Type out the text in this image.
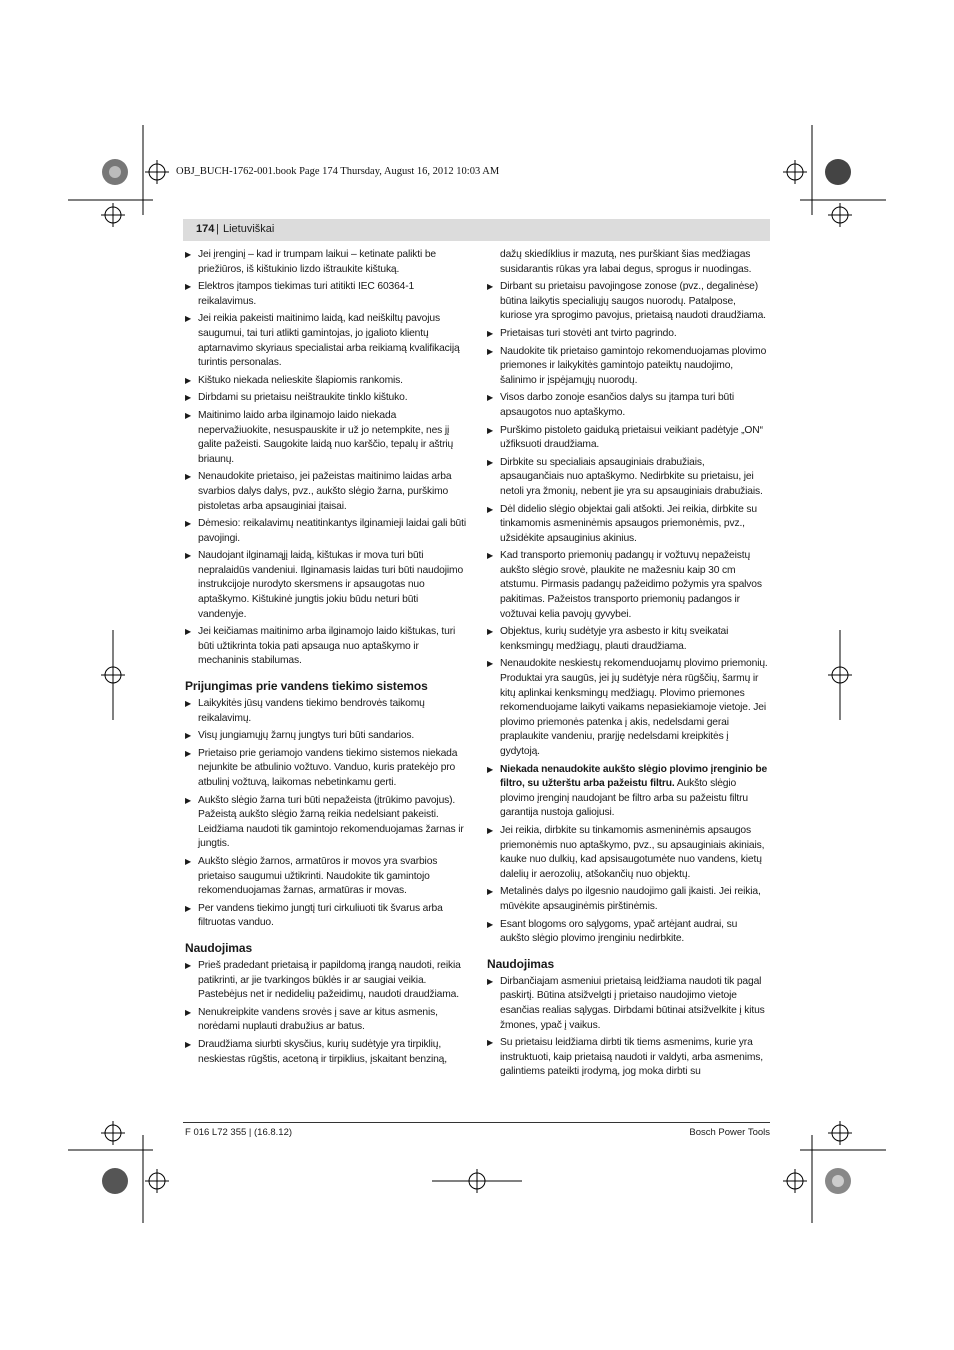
OBJ_BUCH-1762-001.book Page 174 Thursday, August 16, 2012 10:03 AM
174 | Lietuviškai
▶ Jei įrenginį – kad ir trumpam laikui – ketinate palikti be priežiūros, iš kištukinio lizdo ištraukite kištuką.
▶ Elektros įtampos tiekimas turi atitikti IEC 60364-1 reikalavimus.
▶ Jei reikia pakeisti maitinimo laidą, kad neiškiltų pavojus saugumui, tai turi atlikti gamintojas, jo įgalioto klientų aptarnavimo skyriaus specialistai arba reikiamą kvalifikaciją turintis personalas.
▶ Kištuko niekada nelieskite šlapiomis rankomis.
▶ Dirbdami su prietaisu neištraukite tinklo kištuko.
▶ Maitinimo laido arba ilginamojo laido niekada nepervažiuokite, nesuspauskite ir už jo netempkite, nes jį galite pažeisti. Saugokite laidą nuo karščio, tepalų ir aštrių briaunų.
▶ Nenaudokite prietaiso, jei pažeistas maitinimo laidas arba svarbios dalys dalys, pvz., aukšto slėgio žarna, purškimo pistoletas arba apsauginiai įtaisai.
▶ Dėmesio: reikalavimų neatitinkantys ilginamieji laidai gali būti pavojingi.
▶ Naudojant ilginamąjį laidą, kištukas ir mova turi būti nepralaidūs vandeniui. Ilginamasis laidas turi būti naudojimo instrukcijoje nurodyto skersmens ir apsaugotas nuo aptaškymo. Kištukinė jungtis jokiu būdu neturi būti vandenyje.
▶ Jei keičiamas maitinimo arba ilginamojo laido kištukas, turi būti užtikrinta tokia pati apsauga nuo aptaškymo ir mechaninis stabilumas.
Prijungimas prie vandens tiekimo sistemos
▶ Laikykitės jūsų vandens tiekimo bendrovės taikomų reikalavimų.
▶ Visų jungiamųjų žarnų jungtys turi būti sandarios.
▶ Prietaiso prie geriamojo vandens tiekimo sistemos niekada nejunkite be atbulinio vožtuvo. Vanduo, kuris pratekėjo pro atbulinį vožtuvą, laikomas nebetinkamu gerti.
▶ Aukšto slėgio žarna turi būti nepažeista (įtrūkimo pavojus). Pažeistą aukšto slėgio žarną reikia nedelsiant pakeisti. Leidžiama naudoti tik gamintojo rekomenduojamas žarnas ir jungtis.
▶ Aukšto slėgio žarnos, armatūros ir movos yra svarbios prietaiso saugumui užtikrinti. Naudokite tik gamintojo rekomenduojamas žarnas, armatūras ir movas.
▶ Per vandens tiekimo jungtį turi cirkuliuoti tik švarus arba filtruotas vanduo.
Naudojimas
▶ Prieš pradedant prietaisą ir papildomą įrangą naudoti, reikia patikrinti, ar jie tvarkingos būklės ir ar saugiai veikia. Pastebėjus net ir nedidelių pažeidimų, naudoti draudžiama.
▶ Nenukreipkite vandens srovės į save ar kitus asmenis, norėdami nuplauti drabužius ar batus.
▶ Draudžiama siurbti skysčius, kurių sudėtyje yra tirpiklių, neskiestas rūgštis, acetoną ir tirpiklius, įskaitant benziną,
dažų skiedíklius ir mazutą, nes purškiant šias medžiagas susidarantis rūkas yra labai degus, sprogus ir nuodingas.
▶ Dirbant su prietaisu pavojingose zonose (pvz., degalinėse) būtina laikytis specialiųjų saugos nuorodų. Patalpose, kuriose yra sprogimo pavojus, prietaisą naudoti draudžiama.
▶ Prietaisas turi stovėti ant tvirto pagrindo.
▶ Naudokite tik prietaiso gamintojo rekomenduojamas plovimo priemones ir laikykitės gamintojo pateiktų naudojimo, šalinimo ir įspėjamųjų nuorodų.
▶ Visos darbo zonoje esančios dalys su įtampa turi būti apsaugotos nuo aptaškymo.
▶ Purškimo pistoleto gaiduką prietaisui veikiant padėtyje „ON“ užfiksuoti draudžiama.
▶ Dirbkite su specialiais apsauginiais drabužiais, apsaugančiais nuo aptaškymo. Nedirbkite su prietaisu, jei netoli yra žmonių, nebent jie yra su apsauginiais drabužiais.
▶ Dėl didelio slėgio objektai gali atšokti. Jei reikia, dirbkite su tinkamomis asmeninėmis apsaugos priemonėmis, pvz., užsidėkite apsauginius akinius.
▶ Kad transporto priemonių padangų ir vožtuvų nepažeistų aukšto slėgio srovė, plaukite ne mažesniu kaip 30 cm atstumu. Pirmasis padangų pažeidimo požymis yra spalvos pakitimas. Pažeistos transporto priemonių padangos ir vožtuvai kelia pavojų gyvybei.
▶ Objektus, kurių sudėtyje yra asbesto ir kitų sveikatai kenksmingų medžiagų, plauti draudžiama.
▶ Nenaudokite neskiestų rekomenduojamų plovimo priemonių. Produktai yra saugūs, jei jų sudėtyje nėra rūgščių, šarmų ir kitų aplinkai kenksmingų medžiagų. Plovimo priemones rekomenduojame laikyti vaikams nepasiekiamoje vietoje. Jei plovimo priemonės patenka į akis, nedelsdami gerai praplaukite vandeniu, prarįję nedelsdami kreipkitės į gydytoją.
▶ Niekada nenaudokite aukšto slėgio plovimo įrenginio be filtro, su užterštu arba pažeistu filtru. Aukšto slėgio plovimo įrenginį naudojant be filtro arba su pažeistu filtru garantija nustoja galiojusi.
▶ Jei reikia, dirbkite su tinkamomis asmeninėmis apsaugos priemonėmis nuo aptaškymo, pvz., su apsauginiais akiniais, kauke nuo dulkių, kad apsisaugotumėte nuo vandens, kietų dalelių ir aerozolių, atšokančių nuo objektų.
▶ Metalinės dalys po ilgesnio naudojimo gali įkaisti. Jei reikia, mūvėkite apsauginėmis pirštinėmis.
▶ Esant blogoms oro sąlygoms, ypač artėjant audrai, su aukšto slėgio plovimo įrenginiu nedirbkite.
Naudojimas
▶ Dirbančiajam asmeniui prietaisą leidžiama naudoti tik pagal paskirtį. Būtina atsižvelgti į prietaiso naudojimo vietoje esančias realias sąlygas. Dirbdami būtinai atsižvelkite į kitus žmones, ypač į vaikus.
▶ Su prietaisu leidžiama dirbti tik tiems asmenims, kurie yra instruktuoti, kaip prietaisą naudoti ir valdyti, arba asmenims, galintiems pateikti įrodymą, jog moka dirbti su
F 016 L72 355 | (16.8.12)	Bosch Power Tools
